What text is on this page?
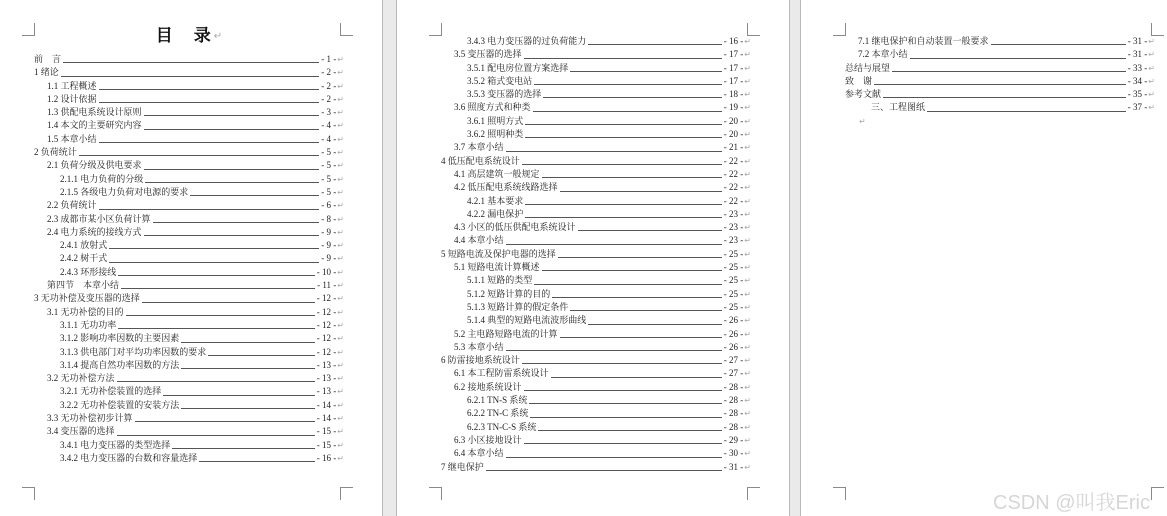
目　录↵
前　言	- 1 - ↵
1 绪论	- 2 - ↵
1.1 工程概述	- 2 - ↵
1.2 设计依据	- 2 - ↵
1.3 供配电系统设计原则	- 3 - ↵
1.4 本文的主要研究内容	- 4 - ↵
1.5 本章小结	- 4 - ↵
2 负荷统计	- 5 - ↵
2.1 负荷分级及供电要求	- 5 - ↵
2.1.1 电力负荷的分级	- 5 - ↵
2.1.5 各级电力负荷对电源的要求	- 5 - ↵
2.2 负荷统计	- 6 - ↵
2.3 成都市某小区负荷计算	- 8 - ↵
2.4 电力系统的接线方式	- 9 - ↵
2.4.1 放射式	- 9 - ↵
2.4.2 树干式	- 9 - ↵
2.4.3 环形接线	- 10 - ↵
第四节　本章小结	- 11 - ↵
3 无功补偿及变压器的选择	- 12 - ↵
3.1 无功补偿的目的	- 12 - ↵
3.1.1 无功功率	- 12 - ↵
3.1.2 影响功率因数的主要因素	- 12 - ↵
3.1.3 供电部门对平均功率因数的要求	- 12 - ↵
3.1.4 提高自然功率因数的方法	- 13 - ↵
3.2 无功补偿方法	- 13 - ↵
3.2.1 无功补偿装置的选择	- 13 - ↵
3.2.2 无功补偿装置的安装方法	- 14 - ↵
3.3 无功补偿初步计算	- 14 - ↵
3.4 变压器的选择	- 15 - ↵
3.4.1 电力变压器的类型选择	- 15 - ↵
3.4.2 电力变压器的台数和容量选择	- 16 - ↵
3.4.3 电力变压器的过负荷能力	- 16 - ↵
3.5 变压器的选择	- 17 - ↵
3.5.1 配电房位置方案选择	- 17 - ↵
3.5.2 箱式变电站	- 17 - ↵
3.5.3 变压器的选择	- 18 - ↵
3.6 照度方式和种类	- 19 - ↵
3.6.1 照明方式	- 20 - ↵
3.6.2 照明种类	- 20 - ↵
3.7 本章小结	- 21 - ↵
4 低压配电系统设计	- 22 - ↵
4.1 高层建筑一般规定	- 22 - ↵
4.2 低压配电系统线路选择	- 22 - ↵
4.2.1 基本要求	- 22 - ↵
4.2.2 漏电保护	- 23 - ↵
4.3 小区的低压供配电系统设计	- 23 - ↵
4.4 本章小结	- 23 - ↵
5 短路电流及保护电器的选择	- 25 - ↵
5.1 短路电流计算概述	- 25 - ↵
5.1.1 短路的类型	- 25 - ↵
5.1.2 短路计算的目的	- 25 - ↵
5.1.3 短路计算的假定条件	- 25 - ↵
5.1.4 典型的短路电流波形曲线	- 26 - ↵
5.2 主电路短路电流的计算	- 26 - ↵
5.3 本章小结	- 26 - ↵
6 防雷接地系统设计	- 27 - ↵
6.1 本工程防雷系统设计	- 27 - ↵
6.2 接地系统设计	- 28 - ↵
6.2.1 TN-S 系统	- 28 - ↵
6.2.2 TN-C 系统	- 28 - ↵
6.2.3 TN-C-S 系统	- 28 - ↵
6.3 小区接地设计	- 29 - ↵
6.4 本章小结	- 30 - ↵
7 继电保护	- 31 - ↵
7.1 继电保护和自动装置一般要求	- 31 - ↵
7.2 本章小结	- 31 - ↵
总结与展望	- 33 - ↵
致　谢	- 34 - ↵
参考文献	- 35 - ↵
三、工程图纸	- 37 - ↵
↵
CSDN @叫我Eric
